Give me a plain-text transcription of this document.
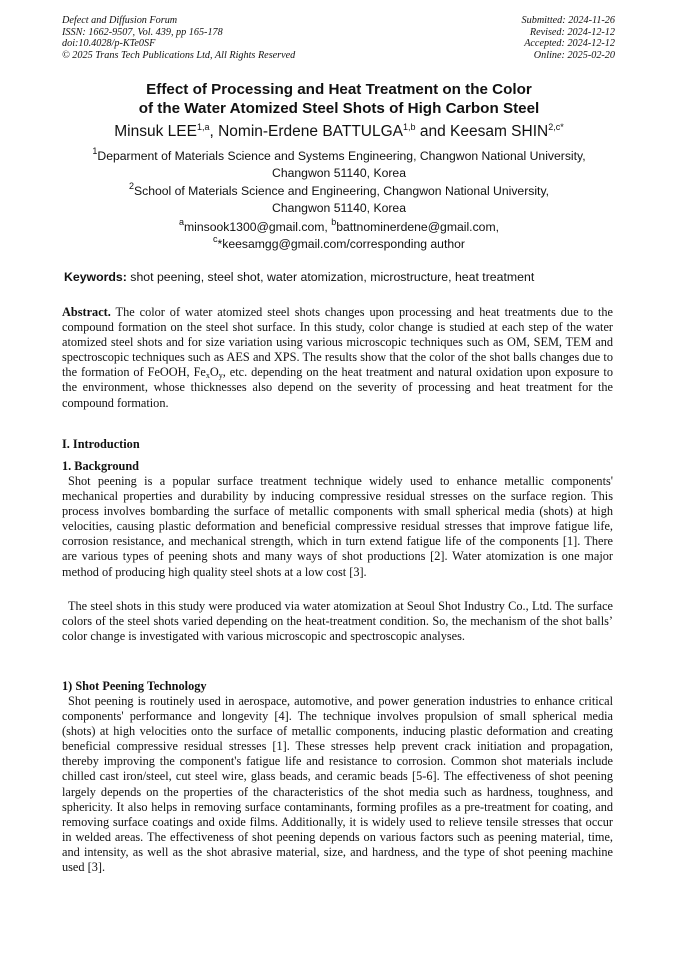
Defect and Diffusion Forum
ISSN: 1662-9507, Vol. 439, pp 165-178
doi:10.4028/p-KTe0SF
© 2025 Trans Tech Publications Ltd, All Rights Reserved
Submitted: 2024-11-26
Revised: 2024-12-12
Accepted: 2024-12-12
Online: 2025-02-20
Effect of Processing and Heat Treatment on the Color
of the Water Atomized Steel Shots of High Carbon Steel
Minsuk LEE$^{1,a}$, Nomin-Erdene BATTULGA$^{1,b}$ and Keesam $SHIN^{2,c*}$
$^1$Deparment of Materials Science and Systems Engineering, Changwon National University,
Changwon 51140, Korea
$^2$School of Materials Science and Engineering, Changwon National University,
Changwon 51140, Korea
$^a$minsook1300@gmail.com, $^b$battnominerdene@gmail.com,
$^c$*keesamgg@gmail.com/corresponding author
Keywords: shot peening, steel shot, water atomization, microstructure, heat treatment
Abstract. The color of water atomized steel shots changes upon processing and heat treatments due to the compound formation on the steel shot surface. In this study, color change is studied at each step of the water atomized steel shots and for size variation using various microscopic techniques such as OM, SEM, TEM and spectroscopic techniques such as AES and XPS. The results show that the color of the shot balls changes due to the formation of FeOOH, $Fe_xO_y$, etc. depending on the heat treatment and natural oxidation upon exposure to the environment, whose thicknesses also depend on the severity of processing and heat treatment for the compound formation.
I. Introduction
1. Background

Shot peening is a popular surface treatment technique widely used to enhance metallic components' mechanical properties and durability by inducing compressive residual stresses on the surface region. This process involves bombarding the surface of metallic components with small spherical media (shots) at high velocities, causing plastic deformation and beneficial compressive residual stresses that improve fatigue life, corrosion resistance, and mechanical strength, which in turn extend fatigue life of the components [1]. There are various types of peening shots and many ways of shot productions [2]. Water atomization is one major method of producing high quality steel shots at a low cost [3].

The steel shots in this study were produced via water atomization at Seoul Shot Industry Co., Ltd. The surface colors of the steel shots varied depending on the heat-treatment condition. So, the mechanism of the shot balls’ color change is investigated with various microscopic and spectroscopic analyses.

1) Shot Peening Technology

Shot peening is routinely used in aerospace, automotive, and power generation industries to enhance critical components' performance and longevity [4]. The technique involves propulsion of small spherical media (shots) at high velocities onto the surface of metallic components, inducing plastic deformation and creating beneficial compressive residual stresses [1]. These stresses help prevent crack initiation and propagation, thereby improving the component's fatigue life and resistance to corrosion. Common shot materials include chilled cast iron/steel, cut steel wire, glass beads, and ceramic beads [5-6]. The effectiveness of shot peening largely depends on the properties of the characteristics of the shot media such as hardness, toughness, and sphericity. It also helps in removing surface contaminants, forming profiles as a pre-treatment for coating, and removing surface coatings and oxide films. Additionally, it is widely used to relieve tensile stresses that occur in welded areas. The effectiveness of shot peening depends on various factors such as peening material, time, and intensity, as well as the shot abrasive material, size, and hardness, and the type of shot peening machine used [3].
